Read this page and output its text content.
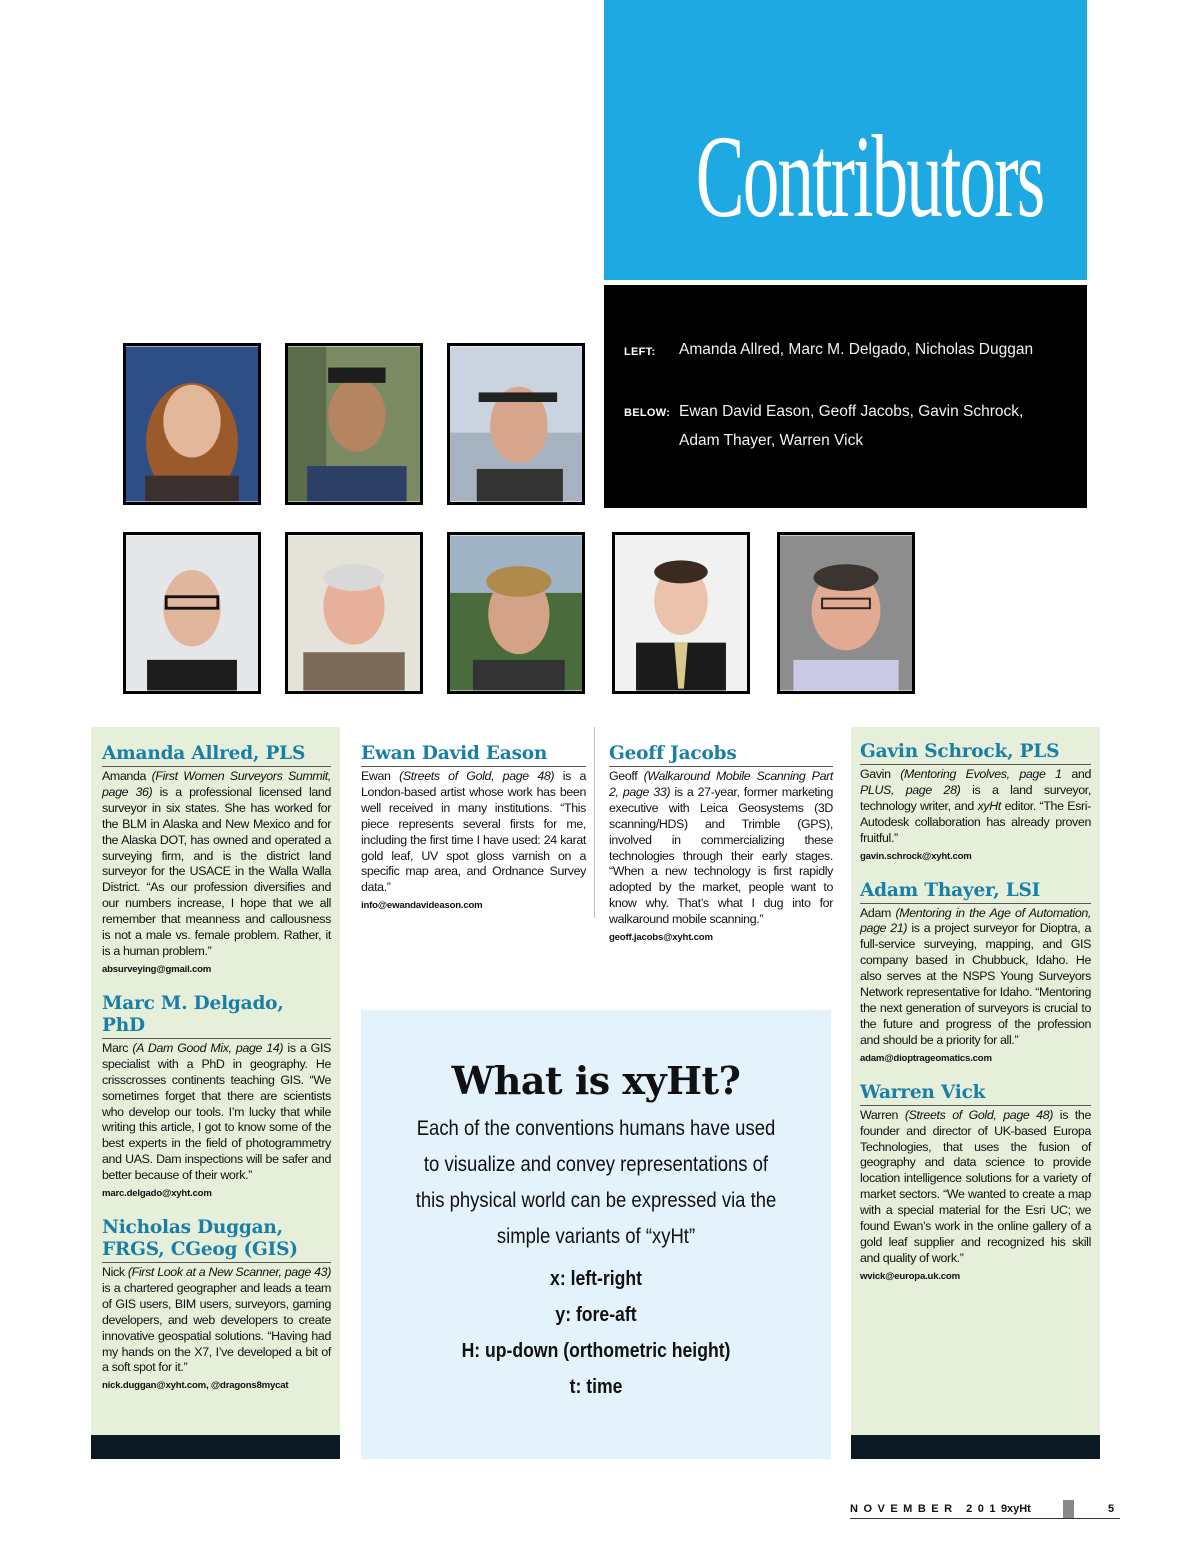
Contributors
LEFT: Amanda Allred, Marc M. Delgado, Nicholas Duggan
BELOW: Ewan David Eason, Geoff Jacobs, Gavin Schrock,
Adam Thayer, Warren Vick
Amanda Allred, PLS
Amanda (First Women Surveyors Summit, page 36) is a professional licensed land surveyor in six states. She has worked for the BLM in Alaska and New Mexico and for the Alaska DOT, has owned and operated a surveying firm, and is the district land surveyor for the USACE in the Walla Walla District. “As our profession diversifies and our numbers increase, I hope that we all remember that meanness and callousness is not a male vs. female problem. Rather, it is a human problem.”
absurveying@gmail.com
Marc M. Delgado, PhD
Marc (A Dam Good Mix, page 14) is a GIS specialist with a PhD in geography. He crisscrosses continents teaching GIS. “We sometimes forget that there are scientists who develop our tools. I’m lucky that while writing this article, I got to know some of the best experts in the field of photogrammetry and UAS. Dam inspections will be safer and better because of their work.”
marc.delgado@xyht.com
Nicholas Duggan, FRGS, CGeog (GIS)
Nick (First Look at a New Scanner, page 43) is a chartered geographer and leads a team of GIS users, BIM users, surveyors, gaming developers, and web developers to create innovative geospatial solutions. “Having had my hands on the X7, I’ve developed a bit of a soft spot for it.”
nick.duggan@xyht.com, @dragons8mycat
Ewan David Eason
Ewan (Streets of Gold, page 48) is a London-based artist whose work has been well received in many institutions. “This piece represents several firsts for me, including the first time I have used: 24 karat gold leaf, UV spot gloss varnish on a specific map area, and Ordnance Survey data.”
info@ewandavideason.com
Geoff Jacobs
Geoff (Walkaround Mobile Scanning Part 2, page 33) is a 27-year, former marketing executive with Leica Geosystems (3D scanning/HDS) and Trimble (GPS), involved in commercializing these technologies through their early stages. “When a new technology is first rapidly adopted by the market, people want to know why. That’s what I dug into for walkaround mobile scanning.”
geoff.jacobs@xyht.com
Gavin Schrock, PLS
Gavin (Mentoring Evolves, page 1 and PLUS, page 28) is a land surveyor, technology writer, and xyHt editor. “The Esri-Autodesk collaboration has already proven fruitful.”
gavin.schrock@xyht.com
Adam Thayer, LSI
Adam (Mentoring in the Age of Automation, page 21) is a project surveyor for Dioptra, a full-service surveying, mapping, and GIS company based in Chubbuck, Idaho. He also serves at the NSPS Young Surveyors Network representative for Idaho. “Mentoring the next generation of surveyors is crucial to the future and progress of the profession and should be a priority for all.”
adam@dioptrageomatics.com
Warren Vick
Warren (Streets of Gold, page 48) is the founder and director of UK-based Europa Technologies, that uses the fusion of geography and data science to provide location intelligence solutions for a variety of market sectors. “We wanted to create a map with a special material for the Esri UC; we found Ewan’s work in the online gallery of a gold leaf supplier and recognized his skill and quality of work.”
wvick@europa.uk.com
What is xyHt?
Each of the conventions humans have used to visualize and convey representations of this physical world can be expressed via the simple variants of “xyHt”
x: left-right
y: fore-aft
H: up-down (orthometric height)
t: time
NOVEMBER 2019
xyHt	5
